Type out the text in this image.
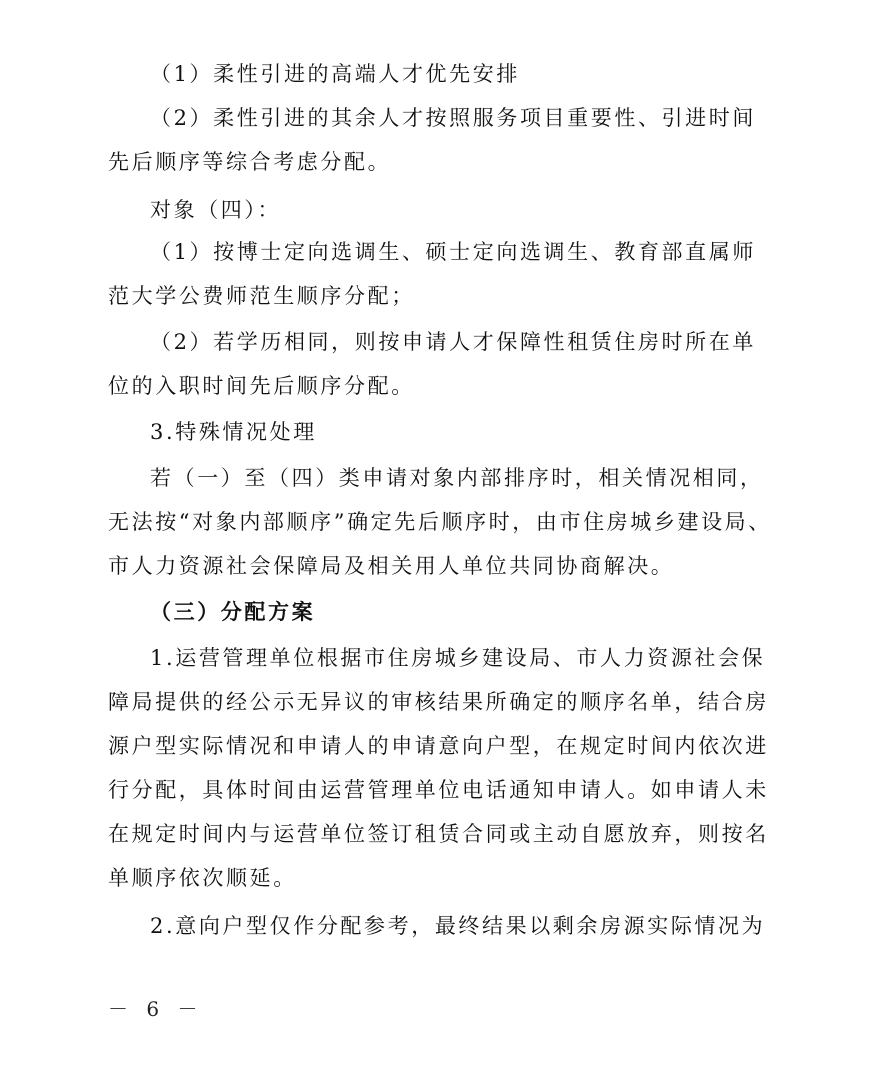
（1）柔性引进的高端人才优先安排

（2）柔性引进的其余人才按照服务项目重要性、引进时间
先后顺序等综合考虑分配。

对象（四）：

（1）按博士定向选调生、硕士定向选调生、教育部直属师
范大学公费师范生顺序分配；

（2）若学历相同，则按申请人才保障性租赁住房时所在单
位的入职时间先后顺序分配。

3.特殊情况处理

若（一）至（四）类申请对象内部排序时，相关情况相同，
无法按“对象内部顺序”确定先后顺序时，由市住房城乡建设局、
市人力资源社会保障局及相关用人单位共同协商解决。

（三）分配方案

1.运营管理单位根据市住房城乡建设局、市人力资源社会保
障局提供的经公示无异议的审核结果所确定的顺序名单，结合房
源户型实际情况和申请人的申请意向户型，在规定时间内依次进
行分配，具体时间由运营管理单位电话通知申请人。如申请人未
在规定时间内与运营单位签订租赁合同或主动自愿放弃，则按名
单顺序依次顺延。

2.意向户型仅作分配参考，最终结果以剩余房源实际情况为

－ 6 －
